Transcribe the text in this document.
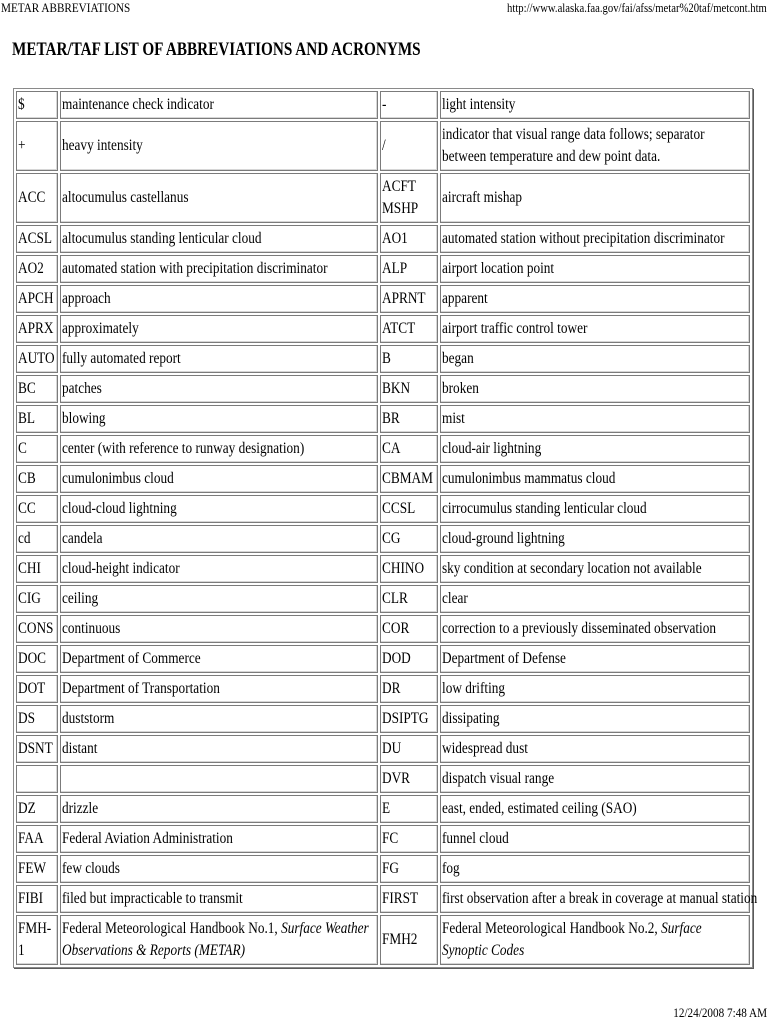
METAR ABBREVIATIONS	http://www.alaska.faa.gov/fai/afss/metar%20taf/metcont.htm
METAR/TAF LIST OF ABBREVIATIONS AND ACRONYMS
$	maintenance check indicator	-	light intensity

+	heavy intensity	/	indicator that visual range data follows; separator between temperature and dew point data.

ACC	altocumulus castellanus	ACFT MSHP	aircraft mishap

ACSL	altocumulus standing lenticular cloud	AO1	automated station without precipitation discriminator

AO2	automated station with precipitation discriminator	ALP	airport location point

APCH	approach	APRNT	apparent

APRX	approximately	ATCT	airport traffic control tower

AUTO	fully automated report	B	began

BC	patches	BKN	broken

BL	blowing	BR	mist

C	center (with reference to runway designation)	CA	cloud-air lightning

CB	cumulonimbus cloud	CBMAM	cumulonimbus mammatus cloud

CC	cloud-cloud lightning	CCSL	cirrocumulus standing lenticular cloud

cd	candela	CG	cloud-ground lightning

CHI	cloud-height indicator	CHINO	sky condition at secondary location not available

CIG	ceiling	CLR	clear

CONS	continuous	COR	correction to a previously disseminated observation

DOC	Department of Commerce	DOD	Department of Defense

DOT	Department of Transportation	DR	low drifting

DS	duststorm	DSIPTG	dissipating

DSNT	distant	DU	widespread dust

		DVR	dispatch visual range

DZ	drizzle	E	east, ended, estimated ceiling (SAO)

FAA	Federal Aviation Administration	FC	funnel cloud

FEW	few clouds	FG	fog

FIBI	filed but impracticable to transmit	FIRST	first observation after a break in coverage at manual station

FMH-1	Federal Meteorological Handbook No.1, Surface Weather Observations & Reports (METAR)	FMH2	Federal Meteorological Handbook No.2, Surface Synoptic Codes
12/24/2008 7:48 AM
